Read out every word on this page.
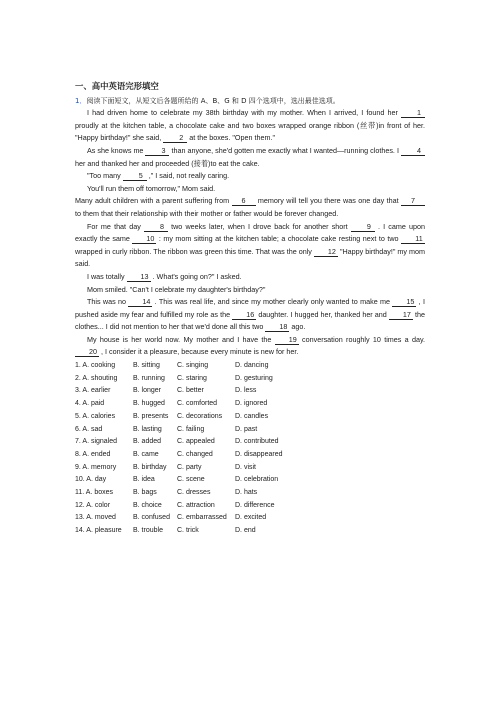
一、高中英语完形填空
1．阅读下面短文，从短文后各题所给的 A、B、G 和 D 四个选项中，选出最佳选项。

I had driven home to celebrate my 38th birthday with my mother. When I arrived, I found her 1 proudly at the kitchen table, a chocolate cake and two boxes wrapped orange ribbon (丝带)in front of her. "Happy birthday!" she said, 2 at the boxes. "Open them."

As she knows me 3 than anyone, she'd gotten me exactly what I wanted—running clothes. I 4 her and thanked her and proceeded (接着)to eat the cake.

"Too many 5 ," I said, not really caring.

You'll run them off tomorrow," Mom said.

Many adult children with a parent suffering from 6 memory will tell you there was one day that 7 to them that their relationship with their mother or father would be forever changed.

For me that day 8 two weeks later, when I drove back for another short 9 . I came upon exactly the same 10 : my mom sitting at the kitchen table; a chocolate cake resting next to two 11 wrapped in curly ribbon. The ribbon was green this time. That was the only 12 "Happy birthday!" my mom said.

I was totally 13 . What's going on?" I asked.

Mom smiled. "Can't I celebrate my daughter's birthday?"

This was no 14 . This was real life, and since my mother clearly only wanted to make me 15 , I pushed aside my fear and fulfilled my role as the 16 daughter. I hugged her, thanked her and 17 the clothes... I did not mention to her that we'd done all this two 18 ago.

My house is her world now. My mother and I have the 19 conversation roughly 10 times a day. 20 , I consider it a pleasure, because every minute is new for her.

1. A. cooking	B. sitting	C. singing	D. dancing
2. A. shouting	B. running	C. staring	D. gesturing
3. A. earlier	B. longer	C. better	D. less
4. A. paid	B. hugged	C. comforted	D. ignored
5. A. calories	B. presents	C. decorations	D. candles
6. A. sad	B. lasting	C. failing	D. past
7. A. signaled	B. added	C. appealed	D. contributed
8. A. ended	B. came	C. changed	D. disappeared
9. A. memory	B. birthday	C. party	D. visit
10. A. day	B. idea	C. scene	D. celebration
11. A. boxes	B. bags	C. dresses	D. hats
12. A. color	B. choice	C. attraction	D. difference
13. A. moved	B. confused	C. embarrassed	D. excited
14. A. pleasure	B. trouble	C. trick	D. end
